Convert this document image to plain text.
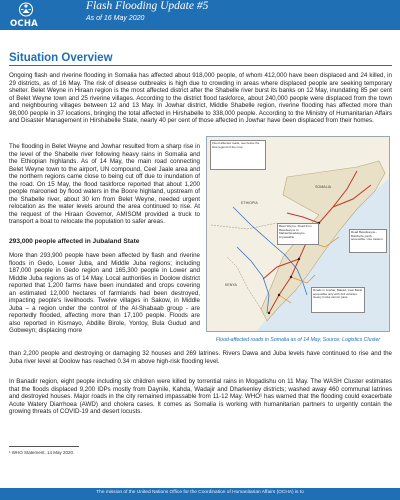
OCHA
Flash Flooding Update #5
As of 16 May 2020
Situation Overview
Ongoing flash and riverine flooding in Somalia has affected about 918,000 people, of whom 412,000 have been displaced and 24 killed, in 29 districts, as of 16 May. The risk of disease outbreaks is high due to crowding in areas where displaced people are seeking temporary shelter. Belet Weyne in Hiraan region is the most affected district after the Shabelle river burst its banks on 12 May, inundating 85 per cent of Belet Weyne town and 25 riverine villages. According to the district flood taskforce, about 240,000 people were displaced from the town and neighbouring villages between 12 and 13 May. In Jowhar district, Middle Shabelle region, riverine flooding has affected more than 98,000 people in 37 locations, bringing the total affected in Hirshabelle to 338,000 people. According to the Ministry of Humanitarian Affairs and Disaster Management in Hirshabelle State, nearly 40 per cent of those affected in Jowhar have been displaced from their homes.
The flooding in Belet Weyne and Jowhar resulted from a sharp rise in the level of the Shabelle river following heavy rains in Somalia and the Ethiopian highlands. As of 14 May, the main road connecting Belet Weyne town to the airport, UN compound, Ceel Jaale area and the northern regions came close to being cut off due to inundation of the road. On 15 May, the flood taskforce reported that about 1,200 people marooned by flood waters in the Boore highland, upstream of the Shabelle river, about 30 km from Belet Weyne, needed urgent relocation as the water levels around the area continued to rise. At the request of the Hiraan Governor, AMISOM provided a truck to transport a boat to relocate the population to safer areas.
293,000 people affected in Jubaland State
More than 293,900 people have been affected by flash and riverine floods in Gedo, Lower Juba, and Middle Juba regions; including 187,000 people in Gedo region and 165,300 people in Lower and Middle Juba regions as of 14 May. Local authorities in Doolow district reported that 1,200 farms have been inundated and crops covering an estimated 12,000 hectares of farmlands had been destroyed, impacting people's livelihoods. Twelve villages in Sakow, in Middle Juba – a region under the control of the Al-Shabaab group - are reportedly flooded, affecting more than 17,100 people. Floods are also reported in Kismayo, Abdille Birole, Yontoy, Bula Gudud and Gobweyn; displacing more
than 2,200 people and destroying or damaging 32 houses and 269 latrines. Rivers Dawa and Juba levels have continued to rise and the Juba river level at Doolow has reached 0.34 m above high-risk flooding level.
In Banadir region, eight people including six children were killed by torrential rains in Mogadishu on 11 May. The WASH Cluster estimates that the floods displaced 9,200 IDPs mostly from Daynile, Kahda, Wadajir and Dharkenley districts; washed away 460 communal latrines and destroyed houses. Major roads in the city remained impassable from 11-12 May. WHO¹ has warned that the flooding could exacerbate Acute Watery Diarrhoea (AWD) and cholera cases. It comes as Somalia is working with humanitarian partners to urgently contain the growing threats of COVID-19 and desert locusts.
Flood affected roads, see below the blue legend of the map
ETHIOPIA
SOMALIA
KENYA
Belet Weyne: Road from Beledweyne to Mahas/Geedweyne impassable
Road Beledweyne - Buloburte partly accessible. Use caution.
Roads in Jowhar, Balcad, Ceel Baraf accessible only with 4x4 vehicles. Heavy trucks cannot pass.
Flood-affected roads in Somalia as of 14 May, Source: Logistics Cluster
¹ WHO Statement, 14 May 2020.
The mission of the United Nations Office for the Coordination of Humanitarian Affairs (OCHA) is to
